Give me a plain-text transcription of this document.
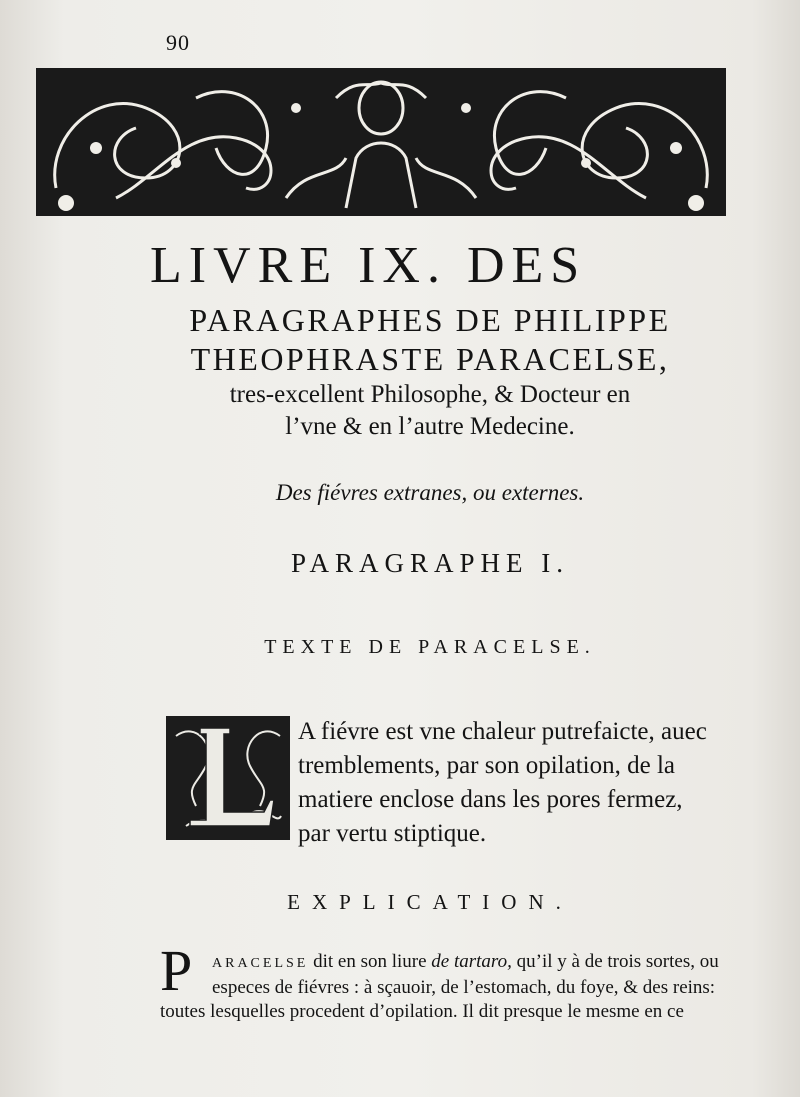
90
LIVRE IX. DES
PARAGRAPHES DE PHILIPPE
THEOPHRASTE PARACELSE,
tres-excellent Philosophe, & Docteur en
l’vne & en l’autre Medecine.
Des fiévres extranes, ou externes.
PARAGRAPHE I.
TEXTE DE PARACELSE.
L
A fiévre est vne chaleur putrefaicte, auec
tremblements, par son opilation, de la
matiere enclose dans les pores fermez,
par vertu stiptique.
EXPLICATION.
P ARACELSE dit en son liure de tartaro, qu’il y à de trois sortes, ou
especes de fiévres : à sçauoir, de l’estomach, du foye, & des reins:
toutes lesquelles procedent d’opilation. Il dit presque le mesme en ce
